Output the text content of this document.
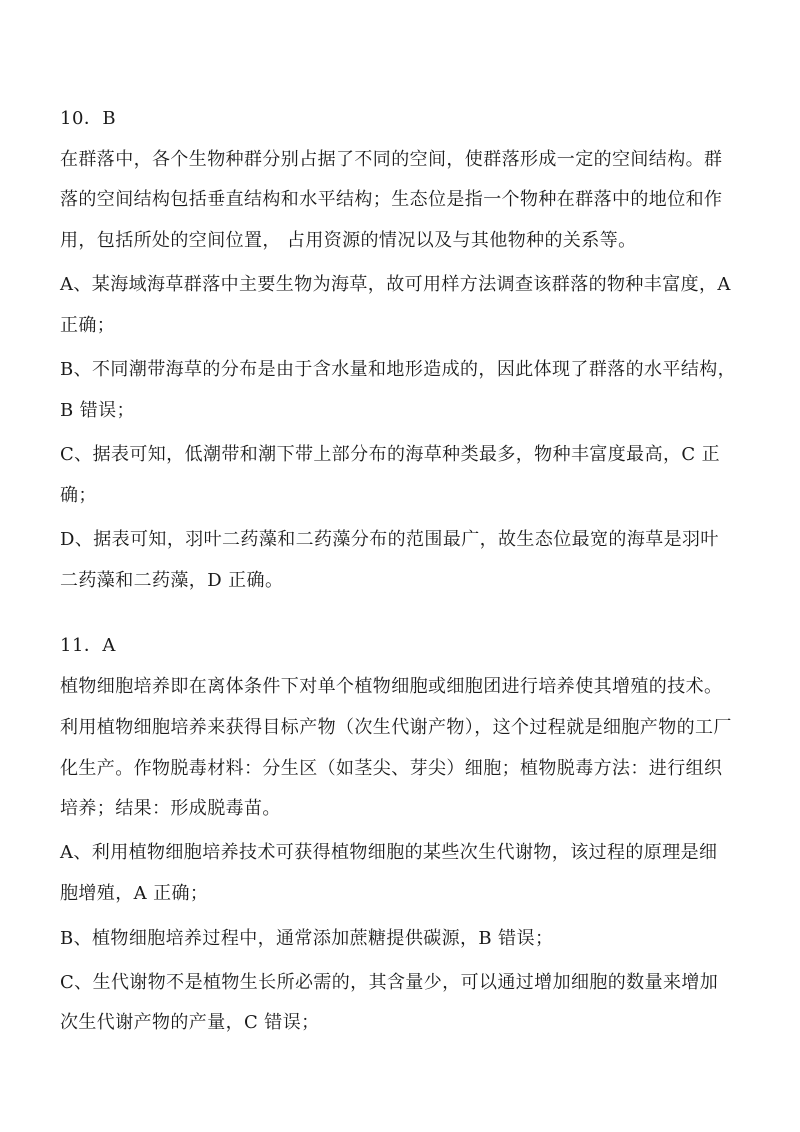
10．B
在群落中，各个生物种群分别占据了不同的空间，使群落形成一定的空间结构。群
落的空间结构包括垂直结构和水平结构；生态位是指一个物种在群落中的地位和作
用，包括所处的空间位置， 占用资源的情况以及与其他物种的关系等。
A、某海域海草群落中主要生物为海草，故可用样方法调查该群落的物种丰富度，A
正确；
B、不同潮带海草的分布是由于含水量和地形造成的，因此体现了群落的水平结构，
B 错误；
C、据表可知，低潮带和潮下带上部分布的海草种类最多，物种丰富度最高，C 正
确；
D、据表可知，羽叶二药藻和二药藻分布的范围最广，故生态位最宽的海草是羽叶
二药藻和二药藻，D 正确。
11．A
植物细胞培养即在离体条件下对单个植物细胞或细胞团进行培养使其增殖的技术。
利用植物细胞培养来获得目标产物（次生代谢产物），这个过程就是细胞产物的工厂
化生产。作物脱毒材料：分生区（如茎尖、芽尖）细胞；植物脱毒方法：进行组织
培养；结果：形成脱毒苗。
A、利用植物细胞培养技术可获得植物细胞的某些次生代谢物，该过程的原理是细
胞增殖，A 正确；
B、植物细胞培养过程中，通常添加蔗糖提供碳源，B 错误；
C、生代谢物不是植物生长所必需的，其含量少，可以通过增加细胞的数量来增加
次生代谢产物的产量，C 错误；
